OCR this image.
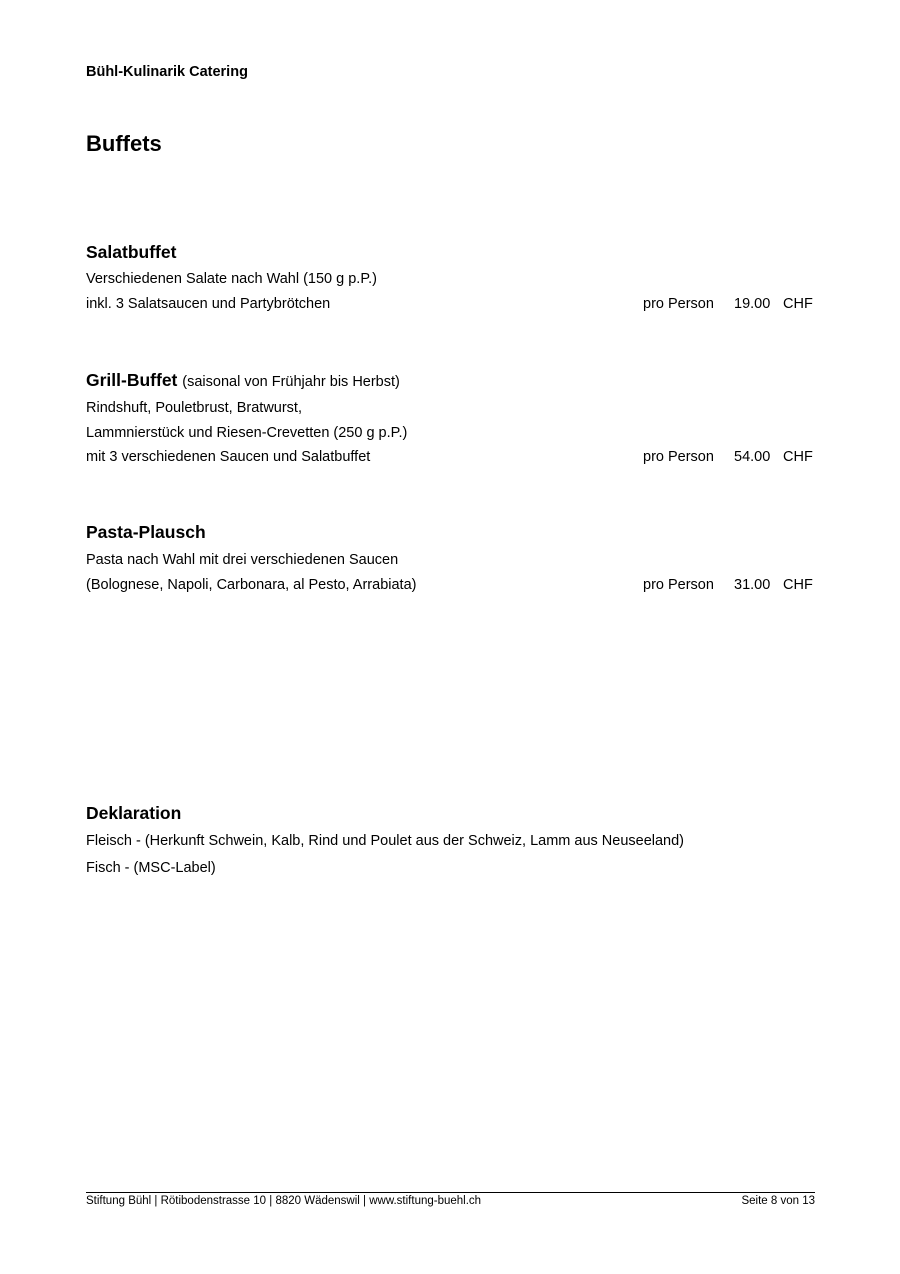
Bühl-Kulinarik Catering
Buffets
Salatbuffet
Verschiedenen Salate nach Wahl (150 g p.P.)
inkl. 3 Salatsaucen und Partybrötchen	pro Person 19.00 CHF
Grill-Buffet (saisonal von Frühjahr bis Herbst)
Rindshuft, Pouletbrust, Bratwurst,
Lammnierstück und Riesen-Crevetten (250 g p.P.)
mit 3 verschiedenen Saucen und Salatbuffet	pro Person 54.00 CHF
Pasta-Plausch
Pasta nach Wahl mit drei verschiedenen Saucen
(Bolognese, Napoli, Carbonara, al Pesto, Arrabiata)	pro Person 31.00 CHF
Deklaration
Fleisch - (Herkunft Schwein, Kalb, Rind und Poulet aus der Schweiz, Lamm aus Neuseeland)
Fisch - (MSC-Label)
Stiftung Bühl | Rötibodenstrasse 10 | 8820 Wädenswil | www.stiftung-buehl.ch	Seite 8 von 13
